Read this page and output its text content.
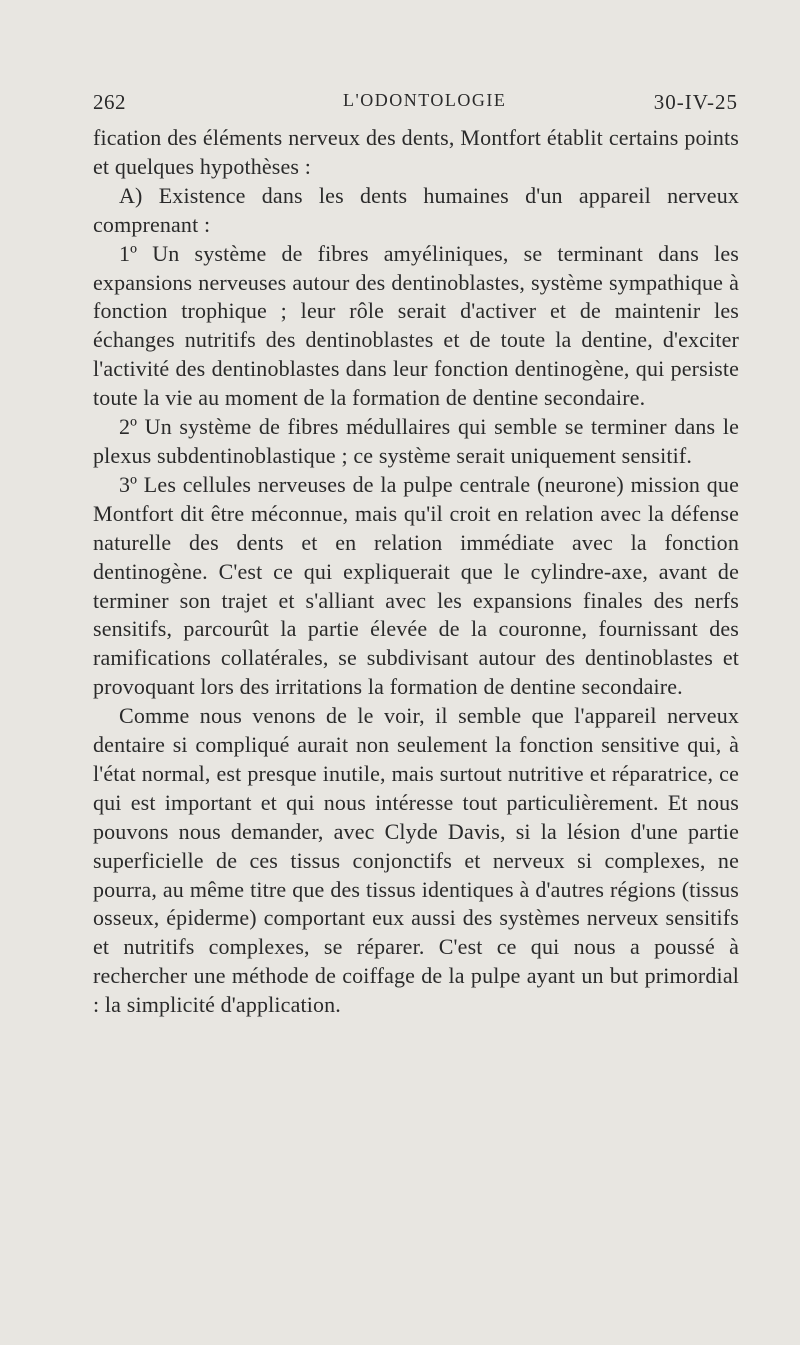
262	L'ODONTOLOGIE	30-IV-25

fication des éléments nerveux des dents, Montfort établit certains points et quelques hypothèses :

A) Existence dans les dents humaines d'un appareil nerveux comprenant :

1º Un système de fibres amyéliniques, se terminant dans les expansions nerveuses autour des dentinoblastes, système sympathique à fonction trophique ; leur rôle serait d'activer et de maintenir les échanges nutritifs des dentinoblastes et de toute la dentine, d'exciter l'activité des dentinoblastes dans leur fonction dentinogène, qui persiste toute la vie au moment de la formation de dentine secondaire.

2º Un système de fibres médullaires qui semble se terminer dans le plexus subdentinoblastique ; ce système serait uniquement sensitif.

3º Les cellules nerveuses de la pulpe centrale (neurone) mission que Montfort dit être méconnue, mais qu'il croit en relation avec la défense naturelle des dents et en relation immédiate avec la fonction dentinogène. C'est ce qui expliquerait que le cylindre-axe, avant de terminer son trajet et s'alliant avec les expansions finales des nerfs sensitifs, parcourût la partie élevée de la couronne, fournissant des ramifications collatérales, se subdivisant autour des dentinoblastes et provoquant lors des irritations la formation de dentine secondaire.

Comme nous venons de le voir, il semble que l'appareil nerveux dentaire si compliqué aurait non seulement la fonction sensitive qui, à l'état normal, est presque inutile, mais surtout nutritive et réparatrice, ce qui est important et qui nous intéresse tout particulièrement. Et nous pouvons nous demander, avec Clyde Davis, si la lésion d'une partie superficielle de ces tissus conjonctifs et nerveux si complexes, ne pourra, au même titre que des tissus identiques à d'autres régions (tissus osseux, épiderme) comportant eux aussi des systèmes nerveux sensitifs et nutritifs complexes, se réparer. C'est ce qui nous a poussé à rechercher une méthode de coiffage de la pulpe ayant un but primordial : la simplicité d'application.
